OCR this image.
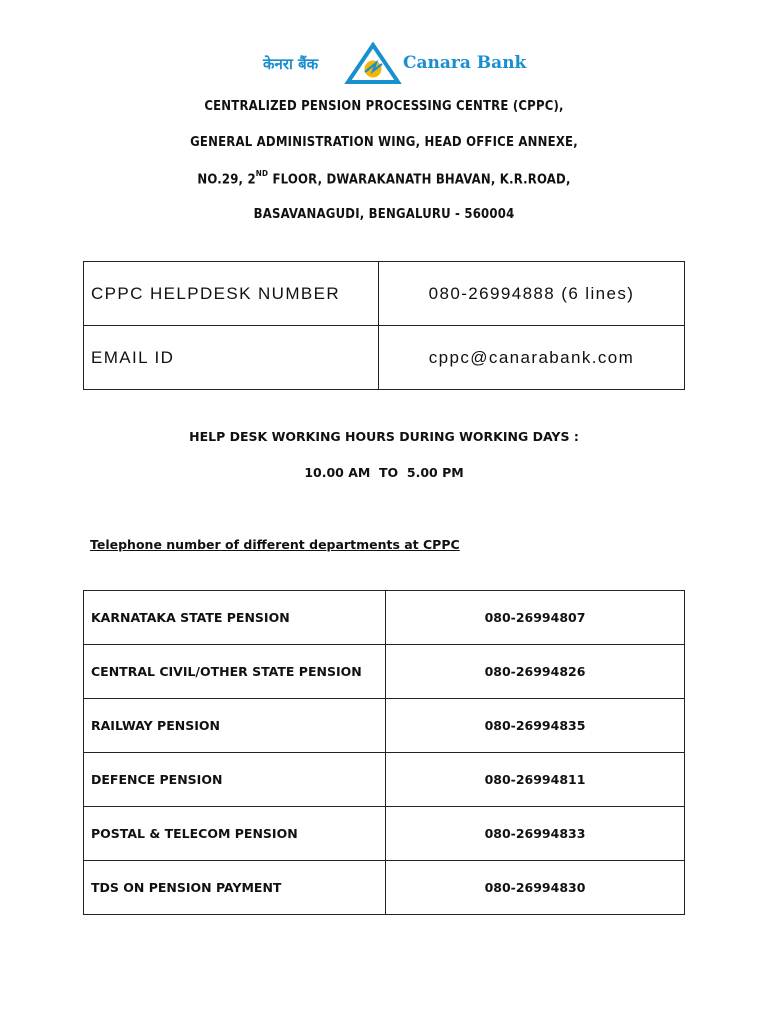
केनरा बैंक	Canara Bank
CENTRALIZED PENSION PROCESSING CENTRE (CPPC),
GENERAL ADMINISTRATION WING, HEAD OFFICE ANNEXE,
NO.29, 2ND FLOOR, DWARAKANATH BHAVAN, K.R.ROAD,
BASAVANAGUDI, BENGALURU - 560004
CPPC HELPDESK NUMBER	080-26994888 (6 lines)
EMAIL ID	cppc@canarabank.com
HELP DESK WORKING HOURS DURING WORKING DAYS :
10.00 AM  TO  5.00 PM
Telephone number of different departments at CPPC
KARNATAKA STATE PENSION	080-26994807
CENTRAL CIVIL/OTHER STATE PENSION	080-26994826
RAILWAY PENSION	080-26994835
DEFENCE PENSION	080-26994811
POSTAL & TELECOM PENSION	080-26994833
TDS ON PENSION PAYMENT	080-26994830
